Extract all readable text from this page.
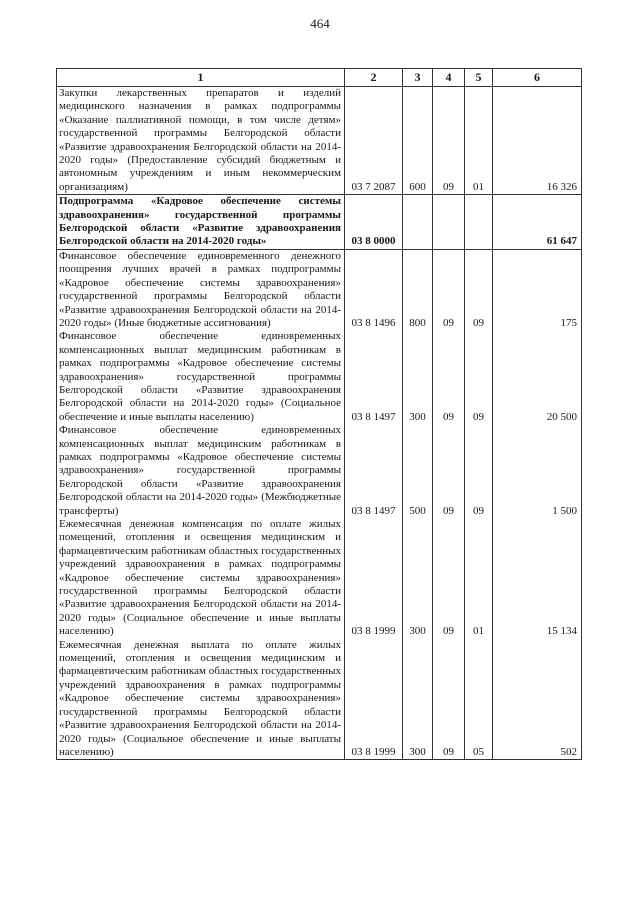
464
1	2	3	4	5	6
Закупки лекарственных препаратов и изделий медицинского назначения в рамках подпрограммы «Оказание паллиативной помощи, в том числе детям» государственной программы Белгородской области «Развитие здравоохранения Белгородской области на 2014-2020 годы» (Предоставление субсидий бюджетным и автономным учреждениям и иным некоммерческим организациям)	03 7 2087	600	09	01	16 326
Подпрограмма «Кадровое обеспечение системы здравоохранения» государственной программы Белгородской области «Развитие здравоохранения Белгородской области на 2014-2020 годы»	03 8 0000				61 647
Финансовое обеспечение единовременного денежного поощрения лучших врачей в рамках подпрограммы «Кадровое обеспечение системы здравоохранения» государственной программы Белгородской области «Развитие здравоохранения Белгородской области на 2014-2020 годы» (Иные бюджетные ассигнования)	03 8 1496	800	09	09	175
Финансовое обеспечение единовременных компенсационных выплат медицинским работникам в рамках подпрограммы «Кадровое обеспечение системы здравоохранения» государственной программы Белгородской области «Развитие здравоохранения Белгородской области на 2014-2020 годы» (Социальное обеспечение и иные выплаты населению)	03 8 1497	300	09	09	20 500
Финансовое обеспечение единовременных компенсационных выплат медицинским работникам в рамках подпрограммы «Кадровое обеспечение системы здравоохранения» государственной программы Белгородской области «Развитие здравоохранения Белгородской области на 2014-2020 годы» (Межбюджетные трансферты)	03 8 1497	500	09	09	1 500
Ежемесячная денежная компенсация по оплате жилых помещений, отопления и освещения медицинским и фармацевтическим работникам областных государственных учреждений здравоохранения в рамках подпрограммы «Кадровое обеспечение системы здравоохранения» государственной программы Белгородской области «Развитие здравоохранения Белгородской области на 2014-2020 годы» (Социальное обеспечение и иные выплаты населению)	03 8 1999	300	09	01	15 134
Ежемесячная денежная выплата по оплате жилых помещений, отопления и освещения медицинским и фармацевтическим работникам областных государственных учреждений здравоохранения в рамках подпрограммы «Кадровое обеспечение системы здравоохранения» государственной программы Белгородской области «Развитие здравоохранения Белгородской области на 2014-2020 годы» (Социальное обеспечение и иные выплаты населению)	03 8 1999	300	09	05	502
